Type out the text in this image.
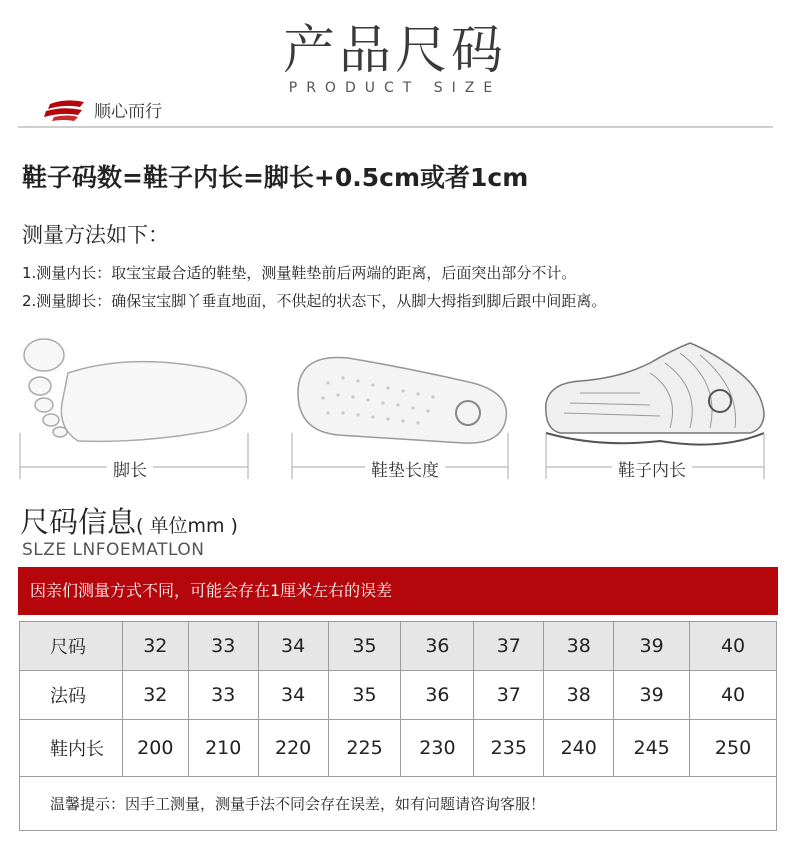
产品尺码
PRODUCT SIZE
顺心而行
鞋子码数=鞋子内长=脚长+0.5cm或者1cm
测量方法如下：
1.测量内长：取宝宝最合适的鞋垫，测量鞋垫前后两端的距离，后面突出部分不计。
2.测量脚长：确保宝宝脚丫垂直地面，不供起的状态下，从脚大拇指到脚后跟中间距离。
脚长	鞋垫长度	鞋子内长
尺码信息( 单位mm )
SLZE LNFOEMATLON
因亲们测量方式不同，可能会存在1厘米左右的误差
尺码	32	33	34	35	36	37	38	39	40
法码	32	33	34	35	36	37	38	39	40
鞋内长	200	210	220	225	230	235	240	245	250
温馨提示：因手工测量，测量手法不同会存在误差，如有问题请咨询客服！									
